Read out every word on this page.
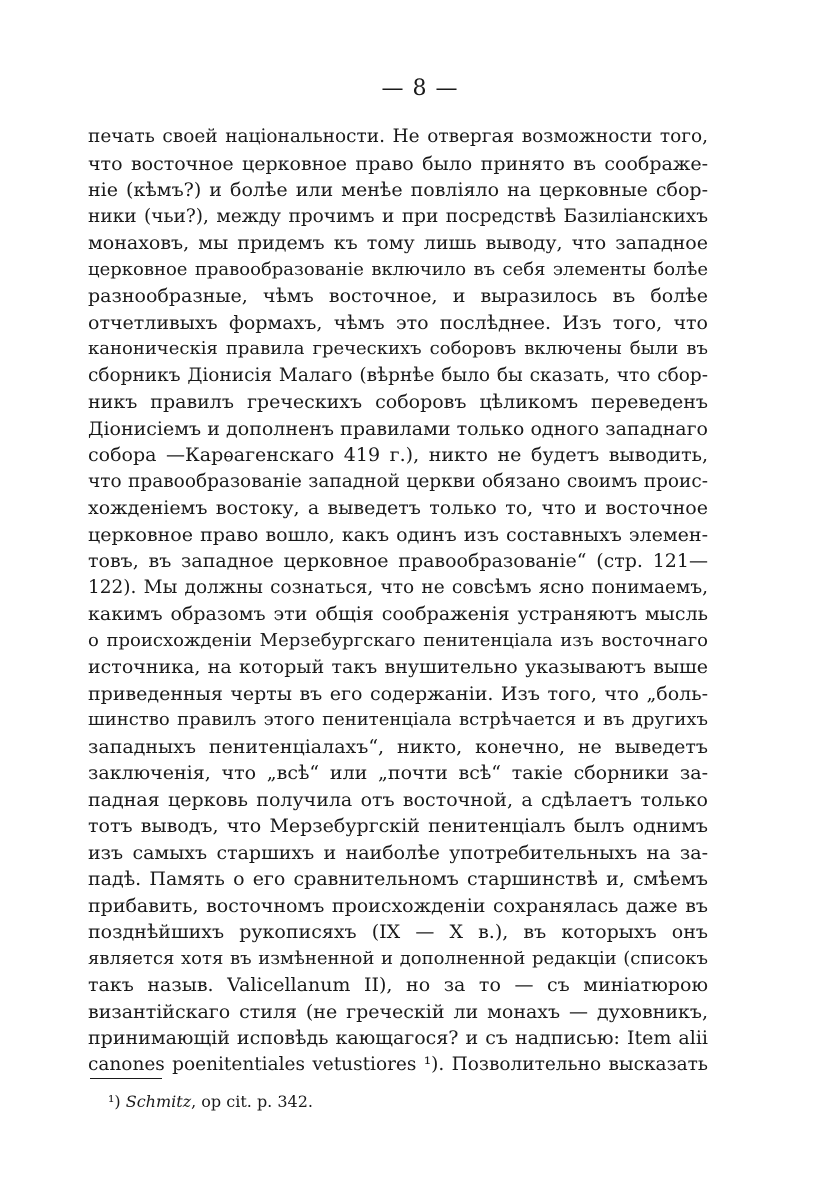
— 8 —
печать своей національности. Не отвергая возможности того,
что восточное церковное право было принято въ соображе-
ніе (кѣмъ?) и болѣе или менѣе повліяло на церковные сбор-
ники (чьи?), между прочимъ и при посредствѣ Базиліанскихъ
монаховъ, мы придемъ къ тому лишь выводу, что западное
церковное правообразованіе включило въ себя элементы болѣе
разнообразные, чѣмъ восточное, и выразилось въ болѣе
отчетливыхъ формахъ, чѣмъ это послѣднее. Изъ того, что
каноническія правила греческихъ соборовъ включены были въ
сборникъ Діонисія Малаго (вѣрнѣе было бы сказать, что сбор-
никъ правилъ греческихъ соборовъ цѣликомъ переведенъ
Діонисіемъ и дополненъ правилами только одного западнаго
собора —Карѳагенскаго 419 г.), никто не будетъ выводить,
что правообразованіе западной церкви обязано своимъ проис-
хожденіемъ востоку, а выведетъ только то, что и восточное
церковное право вошло, какъ одинъ изъ составныхъ элемен-
товъ, въ западное церковное правообразованіе“ (стр. 121—
122). Мы должны сознаться, что не совсѣмъ ясно понимаемъ,
какимъ образомъ эти общія соображенія устраняютъ мысль
о происхожденіи Мерзебургскаго пенитенціала изъ восточнаго
источника, на который такъ внушительно указываютъ выше
приведенныя черты въ его содержаніи. Изъ того, что „боль-
шинство правилъ этого пенитенціала встрѣчается и въ другихъ
западныхъ пенитенціалахъ“, никто, конечно, не выведетъ
заключенія, что „всѣ“ или „почти всѣ“ такіе сборники за-
падная церковь получила отъ восточной, а сдѣлаетъ только
тотъ выводъ, что Мерзебургскій пенитенціалъ былъ однимъ
изъ самыхъ старшихъ и наиболѣе употребительныхъ на за-
падѣ. Память о его сравнительномъ старшинствѣ и, смѣемъ
прибавить, восточномъ происхожденіи сохранялась даже въ
позднѣйшихъ рукописяхъ (IX — X в.), въ которыхъ онъ
является хотя въ измѣненной и дополненной редакціи (списокъ
такъ назыв. Valicellanum II), но за то — съ миніатюрою
византійскаго стиля (не греческій ли монахъ — духовникъ,
принимающій исповѣдь кающагося? и съ надписью: Item alii
canones poenitentiales vetustiores ¹). Позволительно высказать
¹) Schmitz, op cit. p. 342.
